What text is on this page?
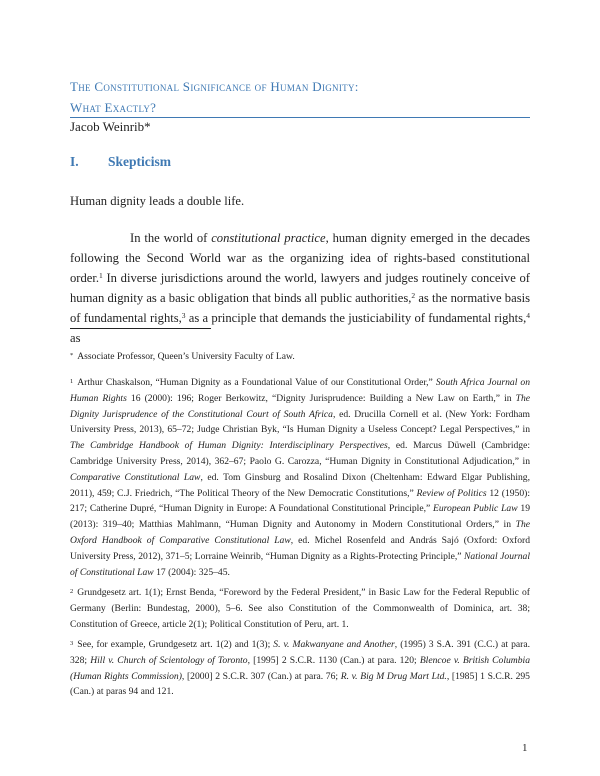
The Constitutional Significance of Human Dignity:
What Exactly?
Jacob Weinrib*
I. Skepticism
Human dignity leads a double life.
In the world of constitutional practice, human dignity emerged in the decades following the Second World war as the organizing idea of rights-based constitutional order.$^1$ In diverse jurisdictions around the world, lawyers and judges routinely conceive of human dignity as a basic obligation that binds all public authorities,$^2$ as the normative basis of fundamental rights,$^3$ as a principle that demands the justiciability of fundamental rights,$^4$ as
* Associate Professor, Queen’s University Faculty of Law.
$^1$ Arthur Chaskalson, “Human Dignity as a Foundational Value of our Constitutional Order,” South Africa Journal on Human Rights 16 (2000): 196; Roger Berkowitz, “Dignity Jurisprudence: Building a New Law on Earth,” in The Dignity Jurisprudence of the Constitutional Court of South Africa, ed. Drucilla Cornell et al. (New York: Fordham University Press, 2013), 65–72; Judge Christian Byk, “Is Human Dignity a Useless Concept? Legal Perspectives,” in The Cambridge Handbook of Human Dignity: Interdisciplinary Perspectives, ed. Marcus Düwell (Cambridge: Cambridge University Press, 2014), 362–67; Paolo G. Carozza, “Human Dignity in Constitutional Adjudication,” in Comparative Constitutional Law, ed. Tom Ginsburg and Rosalind Dixon (Cheltenham: Edward Elgar Publishing, 2011), 459; C.J. Friedrich, “The Political Theory of the New Democratic Constitutions,” Review of Politics 12 (1950): 217; Catherine Dupré, “Human Dignity in Europe: A Foundational Constitutional Principle,” European Public Law 19 (2013): 319–40; Matthias Mahlmann, “Human Dignity and Autonomy in Modern Constitutional Orders,” in The Oxford Handbook of Comparative Constitutional Law, ed. Michel Rosenfeld and András Sajó (Oxford: Oxford University Press, 2012), 371–5; Lorraine Weinrib, “Human Dignity as a Rights-Protecting Principle,” National Journal of Constitutional Law 17 (2004): 325–45.
$^2$ Grundgesetz art. 1(1); Ernst Benda, “Foreword by the Federal President,” in Basic Law for the Federal Republic of Germany (Berlin: Bundestag, 2000), 5–6. See also Constitution of the Commonwealth of Dominica, art. 38; Constitution of Greece, article 2(1); Political Constitution of Peru, art. 1.
$^3$ See, for example, Grundgesetz art. 1(2) and 1(3); S. v. Makwanyane and Another, (1995) 3 S.A. 391 (C.C.) at para. 328; Hill v. Church of Scientology of Toronto, [1995] 2 S.C.R. 1130 (Can.) at para. 120; Blencoe v. British Columbia (Human Rights Commission), [2000] 2 S.C.R. 307 (Can.) at para. 76; R. v. Big M Drug Mart Ltd., [1985] 1 S.C.R. 295 (Can.) at paras 94 and 121.
1
